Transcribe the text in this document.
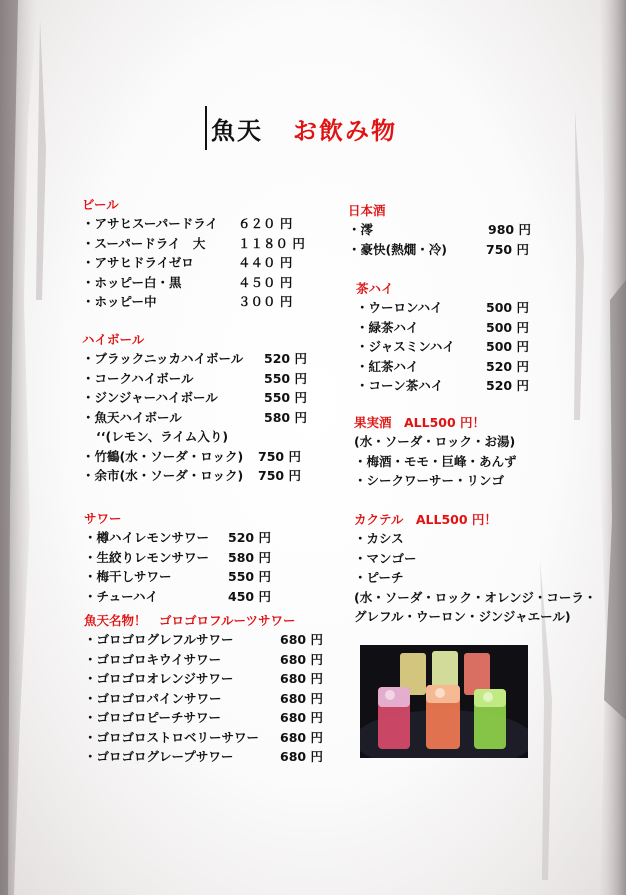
魚天 お飲み物
ビール
・アサヒスーパードライ ６２０ 円
・スーパードライ　大	１１８０ 円
・アサヒドライゼロ	４４０ 円
・ホッピー白・黒	４５０ 円
・ホッピー中	３００ 円
ハイボール
・ブラックニッカハイボール 520 円
・コークハイボール	550 円
・ジンジャーハイボール	550 円
・魚天ハイボール	580 円
‘‘(レモン、ライム入り)
・竹鶴(水・ソーダ・ロック) 750 円
・余市(水・ソーダ・ロック) 750 円
サワー
・樽ハイレモンサワー 520 円
・生絞りレモンサワー 580 円
・梅干しサワー	550 円
・チューハイ	450 円
魚天名物！　ゴロゴロフルーツサワー
・ゴロゴログレフルサワー	680 円
・ゴロゴロキウイサワー	680 円
・ゴロゴロオレンジサワー	680 円
・ゴロゴロパインサワー	680 円
・ゴロゴロピーチサワー	680 円
・ゴロゴロストロベリーサワー 680 円
・ゴロゴログレープサワー	680 円
日本酒
・澪	980 円
・豪快(熱燗・冷)	750 円
茶ハイ
・ウーロンハイ	500 円
・緑茶ハイ	500 円
・ジャスミンハイ 500 円
・紅茶ハイ	520 円
・コーン茶ハイ	520 円
果実酒　ALL500 円！
(水・ソーダ・ロック・お湯)
・梅酒・モモ・巨峰・あんず
・シークワーサー・リンゴ
カクテル　ALL500 円！
・カシス
・マンゴー
・ピーチ
(水・ソーダ・ロック・オレンジ・コーラ・
グレフル・ウーロン・ジンジャエール)
